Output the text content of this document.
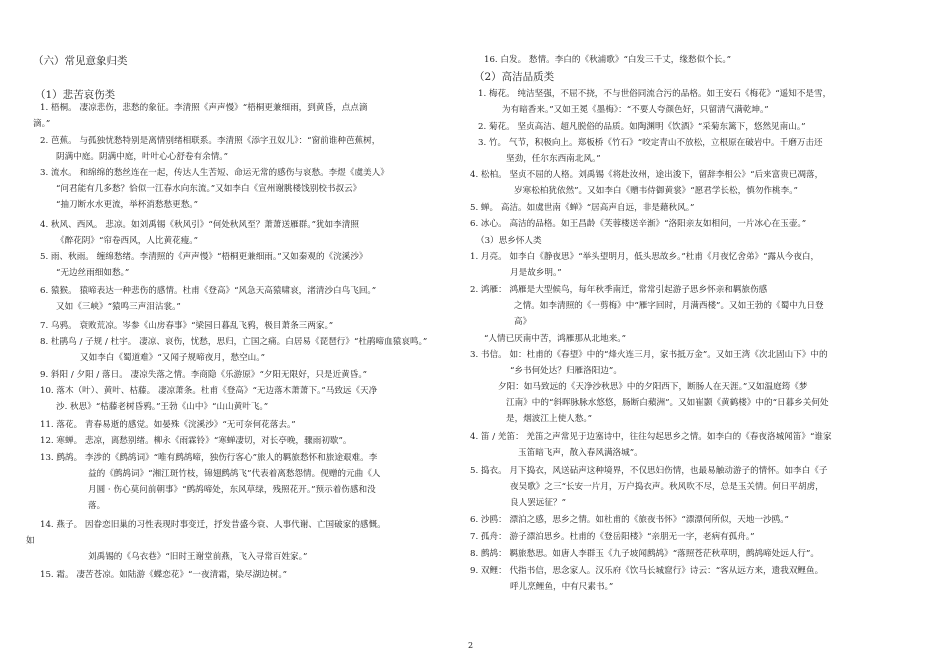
（六）常见意象归类
（1）悲苦哀伤类
1. 梧桐。 凄凉悲伤，悲愁的象征。李清照《声声慢》“梧桐更兼细雨，到黄昏，点点滴
滴。”
2. 芭蕉。 与孤独忧愁特别是离情别绪相联系。李清照《添字丑奴儿》：“窗前谁种芭蕉树，
阴满中庭。阴满中庭，叶叶心心舒卷有余情。”
3. 流水。 和绵绵的愁丝连在一起，传达人生苦短、命运无常的感伤与哀愁。李煜《虞美人》
“问君能有几多愁？恰似一江春水向东流。”又如李白《宣州谢朓楼饯别校书叔云》
“抽刀断水水更流，举杯消愁愁更愁。”
4. 秋风、西风。 悲凉。如刘禹锡《秋风引》“何处秋风至？萧萧送雁群。”犹如李清照
《醉花阴》“帘卷西风，人比黄花瘦。”
5. 雨、秋雨。 缠绵愁绪。李清照的《声声慢》“梧桐更兼细雨。”又如秦观的《浣溪沙》
“无边丝雨细如愁。”
6. 猿猴。 猿啼表达一种悲伤的感情。杜甫《登高》“风急天高猿啸哀，渚清沙白鸟飞回。”
又如《三峡》“猿鸣三声泪沾裳。”
7. 乌鸦。 衰败荒凉。岑参《山房春事》“梁园日暮乱飞鸦，极目萧条三两家。”
8. 杜鹃鸟 / 子规 / 杜宇。 凄凉、哀伤，忧愁，思归，亡国之痛。白居易《琵琶行》“杜鹃啼血猿哀鸣。”
又如李白《蜀道难》“又闻子规啼夜月，愁空山。”
9. 斜阳 / 夕阳 / 落日。 凄凉失落之情。李商隐《乐游原》“夕阳无限好，只是近黄昏。”
10. 落木（叶）、黄叶、枯藤。 凄凉萧条。杜甫《登高》“无边落木萧萧下。”马致远《天净
沙. 秋思》“枯藤老树昏鸦。”王勃《山中》“山山黄叶飞。”
11. 落花。 青春易逝的感觉。如晏殊《浣溪沙》“无可奈何花落去。”
12. 寒蝉。 悲凉，离愁别绪。柳永《雨霖铃》“寒蝉凄切，对长亭晚，骤雨初歇”。
13. 鹧鸪。 李涉的《鹧鸪词》“唯有鹧鸪啼，独伤行客心”旅人的羁旅愁怀和旅途艰难。李
益的《鹧鸪词》“湘江斑竹枝，锦翅鹧鸪飞”代表着离愁怨情。伣赠的元曲《人
月圆 · 伤心莫问前朝事》“鹧鸪啼处，东风草绿，残照花开。”预示着伤感和没
落。
14. 燕子。 因眷恋旧巢的习性表现时事变迁，抒发昔盛今衰、人事代谢、亡国破家的感慨。
如
刘禹锡的《乌衣巷》“旧时王谢堂前燕，飞入寻常百姓家。”
15. 霜。 凄苦苍凉。如陆游《蝶恋花》“一夜清霜，染尽湖边树。”
16. 白发。 愁情。李白的《秋浦歌》“白发三千丈，缘愁似个长。”
（2）高洁品质类
1. 梅花。 纯洁坚强，不屈不挠，不与世俗同流合污的品格。如王安石《梅花》“遥知不是雪，
为有暗香来。”又如王冕《墨梅》：“不要人夸颜色好，只留清气满乾坤。”
2. 菊花。 坚贞高洁、超凡脱俗的品质。如陶渊明《饮酒》“采菊东篱下，悠然见南山。”
3. 竹。 气节，积极向上。郑板桥《竹石》“咬定青山不放松，立根原在破岩中。千磨万击还
坚劲，任尔东西南北风。”
4. 松柏。 坚贞不屈的人格。刘禹锡《将赴汝州，途出浚下，留辞李相公》“后来富贵已凋落，
岁寒松柏犹依然”。又如李白《赠韦侍御黄裳》“愿君学长松，慎勿作桃李。”
5. 蝉。 高洁。如虞世南《蝉》“居高声自远，非是藉秋风。”
6. 冰心。 高洁的品格。如王昌龄《芙蓉楼送辛渐》“洛阳亲友如相问，一片冰心在玉壶。”
（3）思乡怀人类
1. 月亮。 如李白《静夜思》“举头望明月，低头思故乡。”杜甫《月夜忆舍弟》“露从今夜白，
月是故乡明。”
2. 鸿雁： 鸿雁是大型候鸟，每年秋季南迁，常常引起游子思乡怀亲和羁旅伤感
之情。如李清照的《一剪梅》中“雁字回时，月满西楼”。又如王勃的《蜀中九日登
高》
“人情已厌南中苦，鸿雁那从北地来。”
3. 书信。 如：杜甫的《春望》中的“烽火连三月，家书抵万金”。又如王湾《次北固山下》中的
“乡书何处达？归雁洛阳边”。
夕阳：如马致远的《天净沙秋思》中的夕阳西下，断肠人在天涯。”又如温庭筠《梦
江南》中的“斜晖脉脉水悠悠，肠断白蘋洲”。又如崔颢《黄鹤楼》中的“日暮乡关何处
是，烟波江上使人愁。”
4. 笛 / 羌笛： 羌笛之声常见于边塞诗中，往往勾起思乡之情。如李白的《春夜洛城闻笛》“谁家
玉笛暗飞声，散入春风满洛城”。
5. 捣衣。 月下捣衣，风送砧声这种境界，不仅思妇伤情，也最易触动游子的情怀。如李白《子
夜吴歌》之三“长安一片月，万户捣衣声。秋风吹不尽，总是玉关情。何日平胡虏，
良人罢远征？”
6. 沙鸥： 漂泊之感，思乡之情。如杜甫的《旅夜书怀》“漂漂何所似，天地一沙鸥。”
7. 孤舟： 游子漂泊思乡。杜甫的《登岳阳楼》“亲朋无一字，老病有孤舟。”
8. 鹧鸪： 羁旅愁思。如唐人李群玉《九子坡闻鹧鸪》“落照苍茫秋草明，鹧鸪啼处远人行”。
9. 双鲤： 代指书信，思念家人。汉乐府《饮马长城窟行》诗云：“客从远方来，遗我双鲤鱼。
呼儿烹鲤鱼，中有尺素书。”
2
